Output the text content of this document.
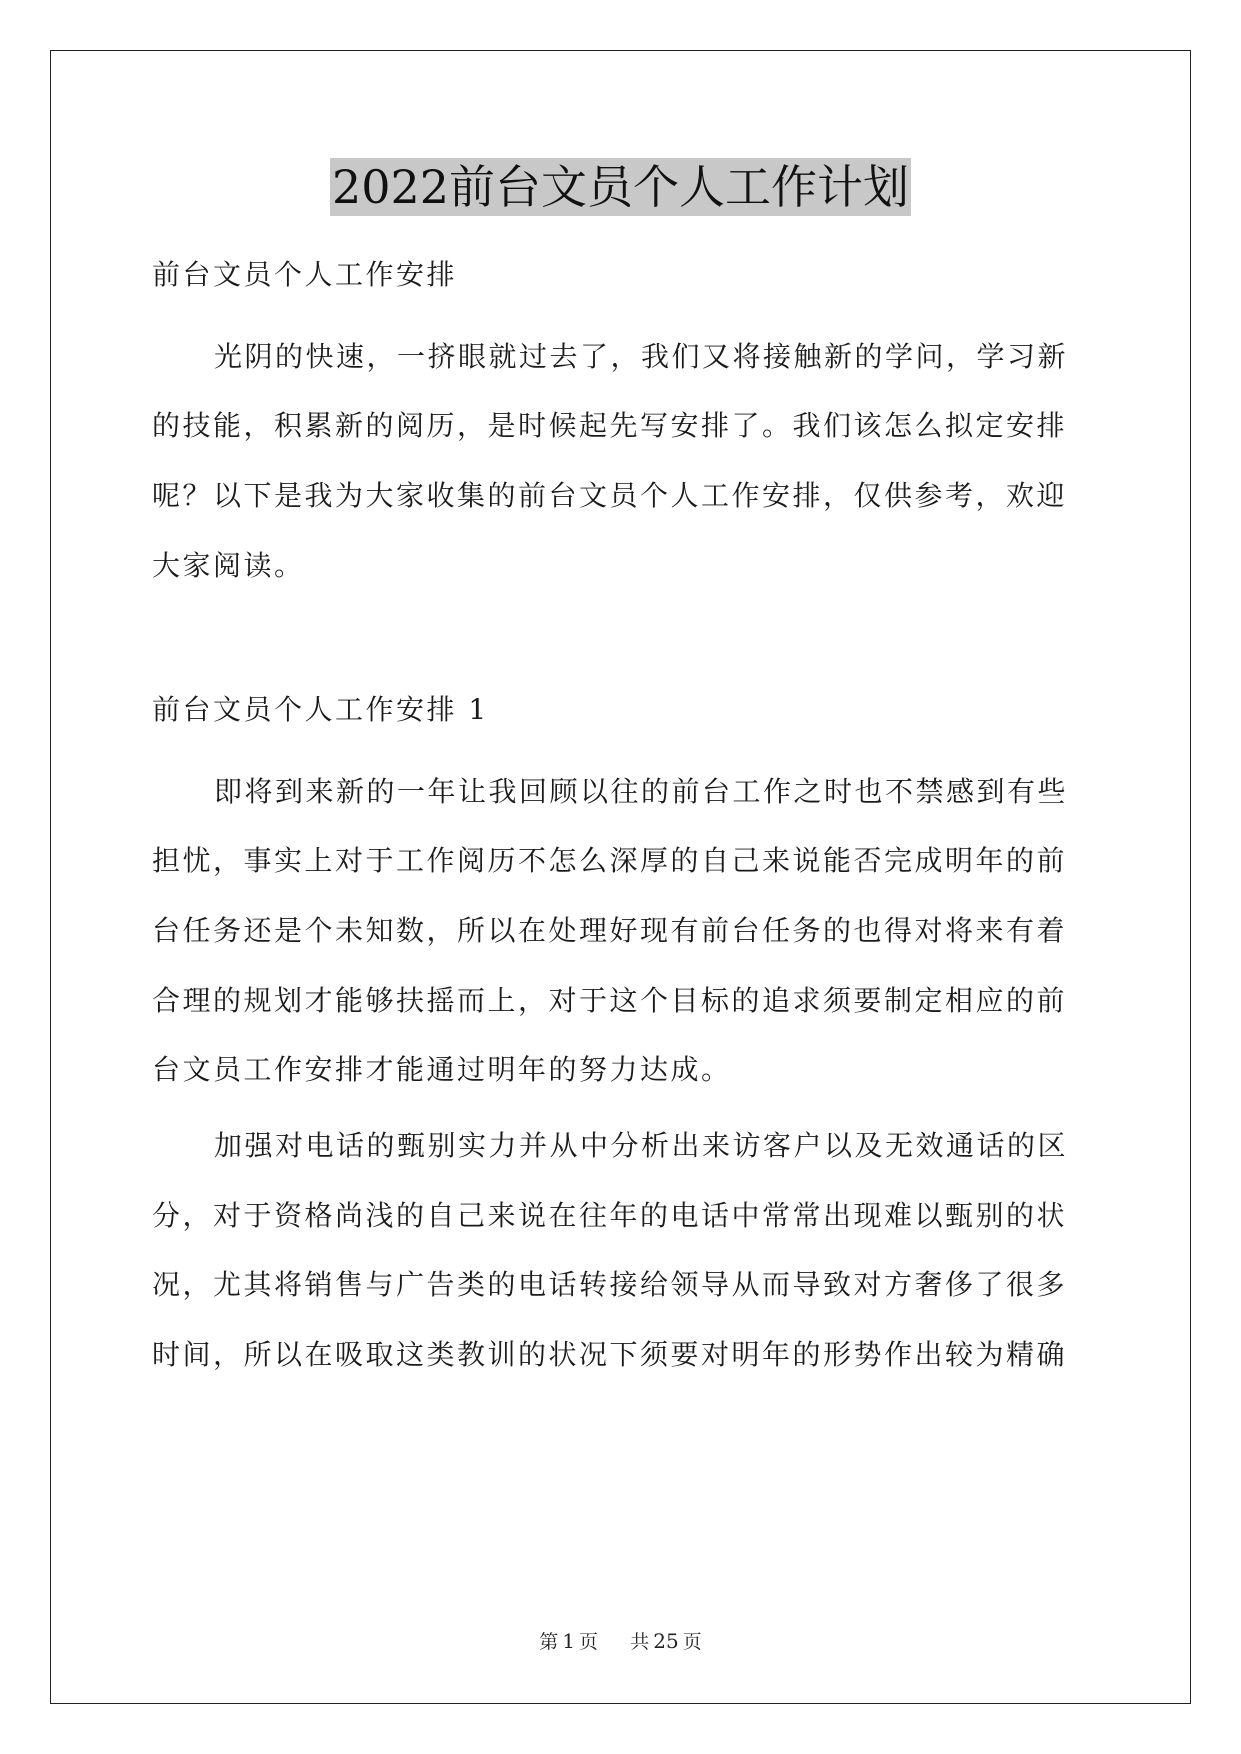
2022前台文员个人工作计划
前台文员个人工作安排
光阴的快速，一挤眼就过去了，我们又将接触新的学问，学习新
的技能，积累新的阅历，是时候起先写安排了。我们该怎么拟定安排
呢？以下是我为大家收集的前台文员个人工作安排，仅供参考，欢迎
大家阅读。
前台文员个人工作安排 1
即将到来新的一年让我回顾以往的前台工作之时也不禁感到有些
担忧，事实上对于工作阅历不怎么深厚的自己来说能否完成明年的前
台任务还是个未知数，所以在处理好现有前台任务的也得对将来有着
合理的规划才能够扶摇而上，对于这个目标的追求须要制定相应的前
台文员工作安排才能通过明年的努力达成。
加强对电话的甄别实力并从中分析出来访客户以及无效通话的区
分，对于资格尚浅的自己来说在往年的电话中常常出现难以甄别的状
况，尤其将销售与广告类的电话转接给领导从而导致对方奢侈了很多
时间，所以在吸取这类教训的状况下须要对明年的形势作出较为精确
第 1 页 共 25 页
